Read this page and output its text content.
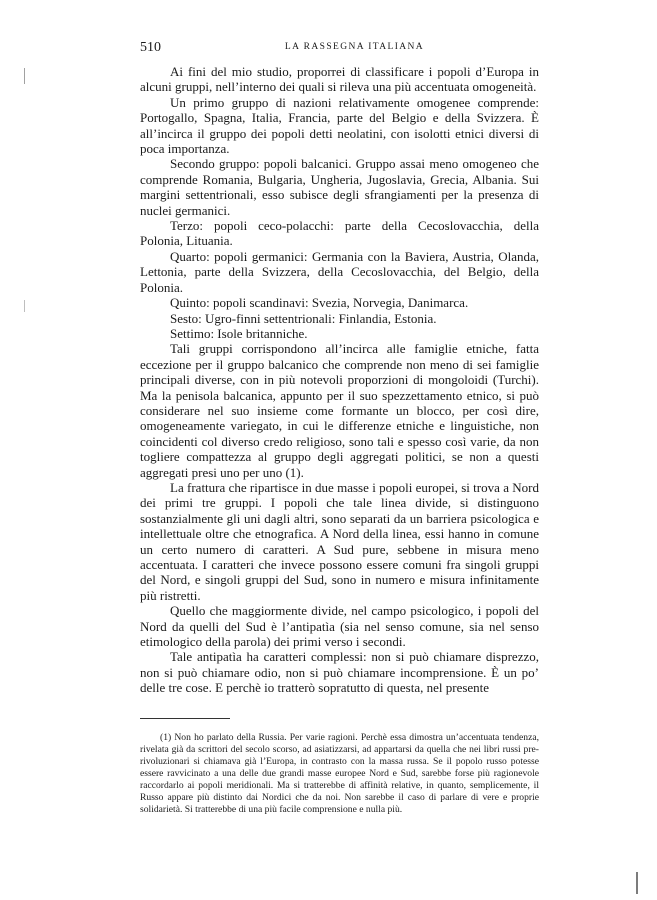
510	LA RASSEGNA ITALIANA

Ai fini del mio studio, proporrei di classificare i popoli d’Europa in alcuni gruppi, nell’interno dei quali si rileva una più accentuata omogeneità.

Un primo gruppo di nazioni relativamente omogenee comprende: Portogallo, Spagna, Italia, Francia, parte del Belgio e della Svizzera. È all’incirca il gruppo dei popoli detti neolatini, con isolotti etnici diversi di poca importanza.

Secondo gruppo: popoli balcanici. Gruppo assai meno omogeneo che comprende Romania, Bulgaria, Ungheria, Jugoslavia, Grecia, Albania. Sui margini settentrionali, esso subisce degli sfrangiamenti per la presenza di nuclei germanici.

Terzo: popoli ceco-polacchi: parte della Cecoslovacchia, della Polonia, Lituania.

Quarto: popoli germanici: Germania con la Baviera, Austria, Olanda, Lettonia, parte della Svizzera, della Cecoslovacchia, del Belgio, della Polonia.

Quinto: popoli scandinavi: Svezia, Norvegia, Danimarca.

Sesto: Ugro-finni settentrionali: Finlandia, Estonia.

Settimo: Isole britanniche.

Tali gruppi corrispondono all’incirca alle famiglie etniche, fatta eccezione per il gruppo balcanico che comprende non meno di sei famiglie principali diverse, con in più notevoli proporzioni di mongoloidi (Turchi). Ma la penisola balcanica, appunto per il suo spezzettamento etnico, si può considerare nel suo insieme come formante un blocco, per così dire, omogeneamente variegato, in cui le differenze etniche e linguistiche, non coincidenti col diverso credo religioso, sono tali e spesso così varie, da non togliere compattezza al gruppo degli aggregati politici, se non a questi aggregati presi uno per uno (1).

La frattura che ripartisce in due masse i popoli europei, si trova a Nord dei primi tre gruppi. I popoli che tale linea divide, si distinguono sostanzialmente gli uni dagli altri, sono separati da un barriera psicologica e intellettuale oltre che etnografica. A Nord della linea, essi hanno in comune un certo numero di caratteri. A Sud pure, sebbene in misura meno accentuata. I caratteri che invece possono essere comuni fra singoli gruppi del Nord, e singoli gruppi del Sud, sono in numero e misura infinitamente più ristretti.

Quello che maggiormente divide, nel campo psicologico, i popoli del Nord da quelli del Sud è l’antipatìa (sia nel senso comune, sia nel senso etimologico della parola) dei primi verso i secondi.

Tale antipatìa ha caratteri complessi: non si può chiamare disprezzo, non si può chiamare odio, non si può chiamare incomprensione. È un po’ delle tre cose. E perchè io tratterò sopratutto di questa, nel presente

(1) Non ho parlato della Russia. Per varie ragioni. Perchè essa dimostra un’accentuata tendenza, rivelata già da scrittori del secolo scorso, ad asiatizzarsi, ad appartarsi da quella che nei libri russi pre-rivoluzionari si chiamava già l’Europa, in contrasto con la massa russa. Se il popolo russo potesse essere ravvicinato a una delle due grandi masse europee Nord e Sud, sarebbe forse più ragionevole raccordarlo ai popoli meridionali. Ma si tratterebbe di affinità relative, in quanto, semplicemente, il Russo appare più distinto dai Nordici che da noi. Non sarebbe il caso di parlare di vere e proprie solidarietà. Si tratterebbe di una più facile comprensione e nulla più.
